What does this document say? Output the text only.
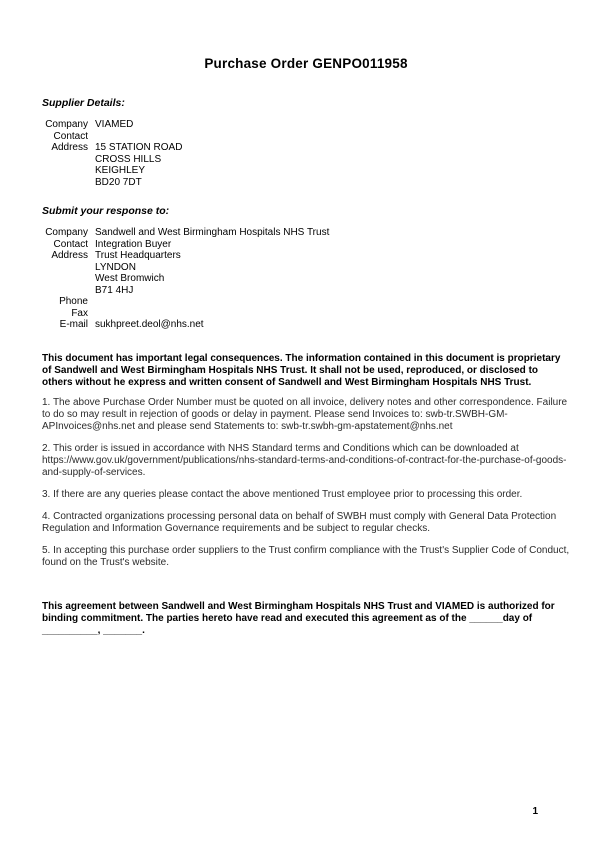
Purchase Order GENPO011958
Supplier Details:
Company VIAMED
Contact
Address 15 STATION ROAD
CROSS HILLS
KEIGHLEY
BD20 7DT
Submit your response to:
Company Sandwell and West Birmingham Hospitals NHS Trust
Contact Integration Buyer
Address Trust Headquarters
LYNDON
West Bromwich
B71 4HJ
Phone
Fax
E-mail sukhpreet.deol@nhs.net

This document has important legal consequences. The information contained in this document is proprietary of Sandwell and West Birmingham Hospitals NHS Trust. It shall not be used, reproduced, or disclosed to others without he express and written consent of Sandwell and West Birmingham Hospitals NHS Trust.

1. The above Purchase Order Number must be quoted on all invoice, delivery notes and other correspondence. Failure to do so may result in rejection of goods or delay in payment. Please send Invoices to: swb-tr.SWBH-GM-APInvoices@nhs.net and please send Statements to: swb-tr.swbh-gm-apstatement@nhs.net

2. This order is issued in accordance with NHS Standard terms and Conditions which can be downloaded at https://www.gov.uk/government/publications/nhs-standard-terms-and-conditions-of-contract-for-the-purchase-of-goods-and-supply-of-services.

3. If there are any queries please contact the above mentioned Trust employee prior to processing this order.

4. Contracted organizations processing personal data on behalf of SWBH must comply with General Data Protection Regulation and Information Governance requirements and be subject to regular checks.

5. In accepting this purchase order suppliers to the Trust confirm compliance with the Trust's Supplier Code of Conduct, found on the Trust's website.

This agreement between Sandwell and West Birmingham Hospitals NHS Trust and VIAMED is authorized for binding commitment. The parties hereto have read and executed this agreement as of the ______day of __________, _______.

1
